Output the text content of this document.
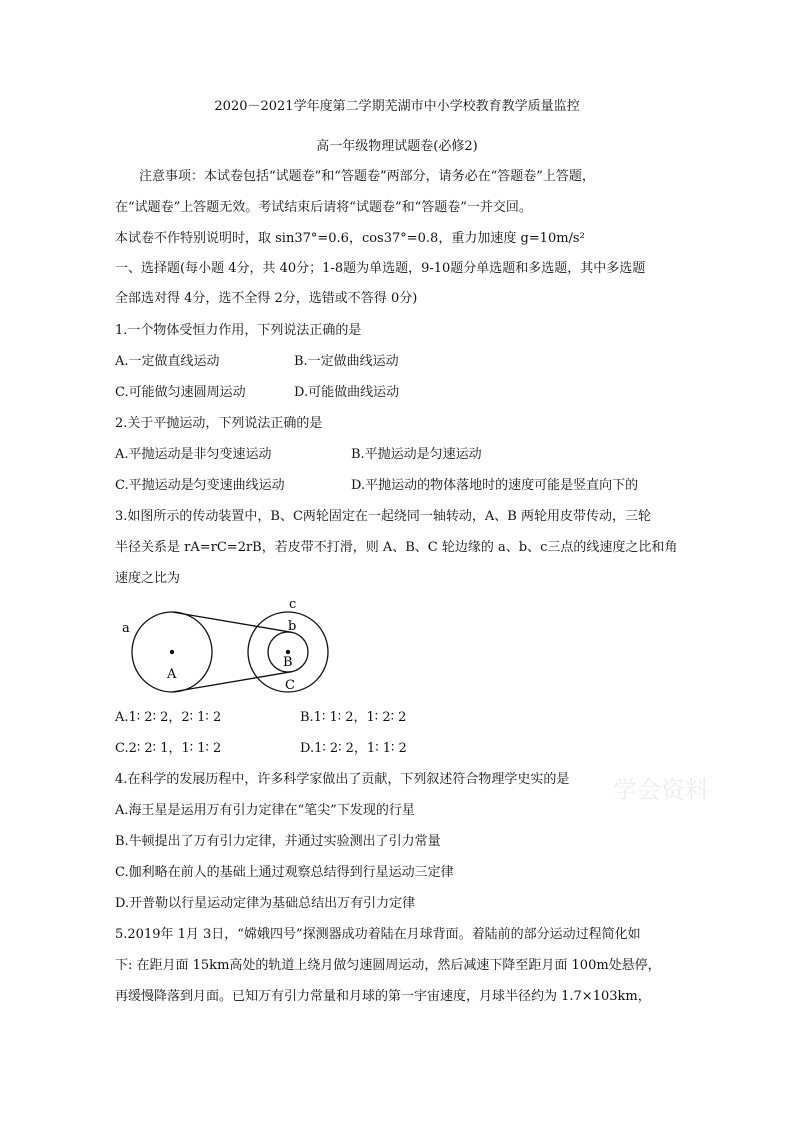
2020－2021学年度第二学期芜湖市中小学校教育教学质量监控
高一年级物理试题卷(必修2)
注意事项：本试卷包括“试题卷”和“答题卷”两部分，请务必在“答题卷”上答题，
在“试题卷”上答题无效。考试结束后请将“试题卷”和“答题卷”一并交回。
本试卷不作特别说明时，取 sin37°=0.6，cos37°=0.8，重力加速度 g=10m/s²
一、选择题(每小题 4分，共 40分；1-8题为单选题，9-10题分单选题和多选题，其中多选题
全部选对得 4分，选不全得 2分，选错或不答得 0分)
1.一个物体受恒力作用，下列说法正确的是
A.一定做直线运动	B.一定做曲线运动
C.可能做匀速圆周运动	D.可能做曲线运动
2.关于平抛运动，下列说法正确的是
A.平抛运动是非匀变速运动	B.平抛运动是匀速运动
C.平抛运动是匀变速曲线运动	D.平抛运动的物体落地时的速度可能是竖直向下的
3.如图所示的传动装置中，B、C两轮固定在一起绕同一轴转动，A、B 两轮用皮带传动，三轮
半径关系是 rA=rC=2rB，若皮带不打滑，则 A、B、C 轮边缘的 a、b、c三点的线速度之比和角
速度之比为
a
A
b
B
c
C
A.1∶ 2∶ 2，2∶ 1∶ 2	B.1∶ 1∶ 2，1∶ 2∶ 2
C.2∶ 2∶ 1，1∶ 1∶ 2	D.1∶ 2∶ 2，1∶ 1∶ 2
4.在科学的发展历程中，许多科学家做出了贡献，下列叙述符合物理学史实的是
A.海王星是运用万有引力定律在“笔尖”下发现的行星
B.牛顿提出了万有引力定律，并通过实验测出了引力常量
C.伽利略在前人的基础上通过观察总结得到行星运动三定律
D.开普勒以行星运动定律为基础总结出万有引力定律
5.2019年 1月 3日，“嫦娥四号”探测器成功着陆在月球背面。着陆前的部分运动过程简化如
下: 在距月面 15km高处的轨道上绕月做匀速圆周运动，然后减速下降至距月面 100m处悬停，
再缓慢降落到月面。已知万有引力常量和月球的第一宇宙速度，月球半径约为 1.7×103km，
学会资料
